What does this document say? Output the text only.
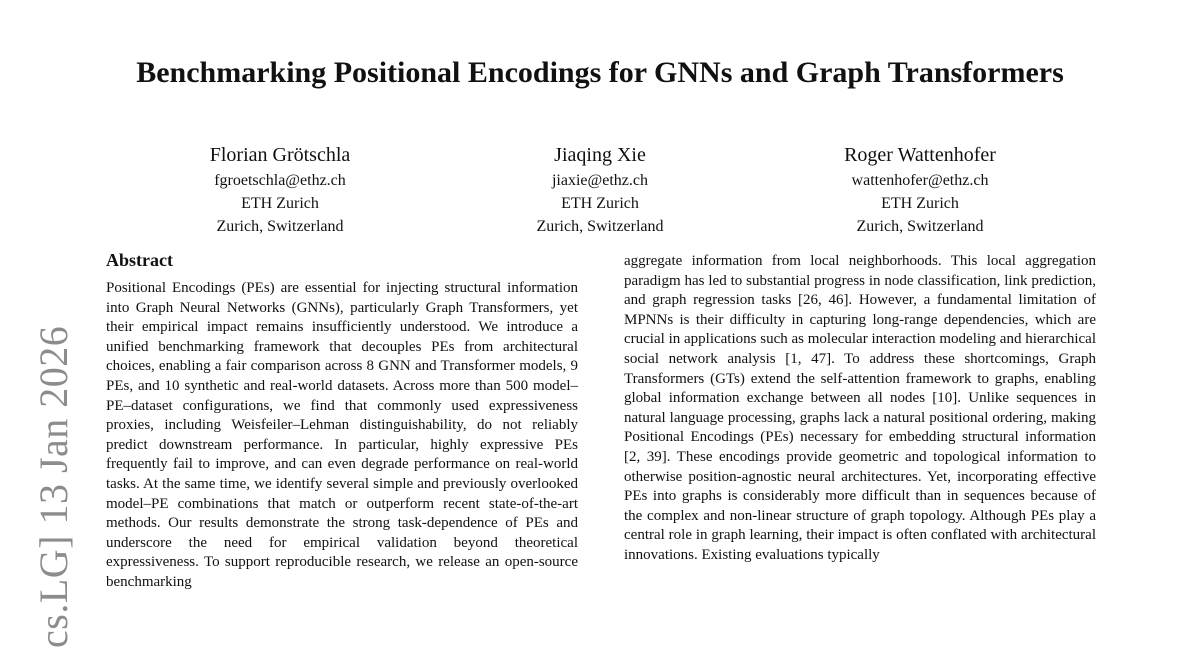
cs.LG] 13 Jan 2026
Benchmarking Positional Encodings for GNNs and Graph Transformers
Florian Grötschla
fgroetschla@ethz.ch
ETH Zurich
Zurich, Switzerland
Jiaqing Xie
jiaxie@ethz.ch
ETH Zurich
Zurich, Switzerland
Roger Wattenhofer
wattenhofer@ethz.ch
ETH Zurich
Zurich, Switzerland
Abstract

Positional Encodings (PEs) are essential for injecting structural information into Graph Neural Networks (GNNs), particularly Graph Transformers, yet their empirical impact remains insufficiently understood. We introduce a unified benchmarking framework that decouples PEs from architectural choices, enabling a fair comparison across 8 GNN and Transformer models, 9 PEs, and 10 synthetic and real-world datasets. Across more than 500 model–PE–dataset configurations, we find that commonly used expressiveness proxies, including Weisfeiler–Lehman distinguishability, do not reliably predict downstream performance. In particular, highly expressive PEs frequently fail to improve, and can even degrade performance on real-world tasks. At the same time, we identify several simple and previously overlooked model–PE combinations that match or outperform recent state-of-the-art methods. Our results demonstrate the strong task-dependence of PEs and underscore the need for empirical validation beyond theoretical expressiveness. To support reproducible research, we release an open-source benchmarking

aggregate information from local neighborhoods. This local aggregation paradigm has led to substantial progress in node classification, link prediction, and graph regression tasks [26, 46]. However, a fundamental limitation of MPNNs is their difficulty in capturing long-range dependencies, which are crucial in applications such as molecular interaction modeling and hierarchical social network analysis [1, 47]. To address these shortcomings, Graph Transformers (GTs) extend the self-attention framework to graphs, enabling global information exchange between all nodes [10]. Unlike sequences in natural language processing, graphs lack a natural positional ordering, making Positional Encodings (PEs) necessary for embedding structural information [2, 39]. These encodings provide geometric and topological information to otherwise position-agnostic neural architectures. Yet, incorporating effective PEs into graphs is considerably more difficult than in sequences because of the complex and non-linear structure of graph topology. Although PEs play a central role in graph learning, their impact is often conflated with architectural innovations. Existing evaluations typically
